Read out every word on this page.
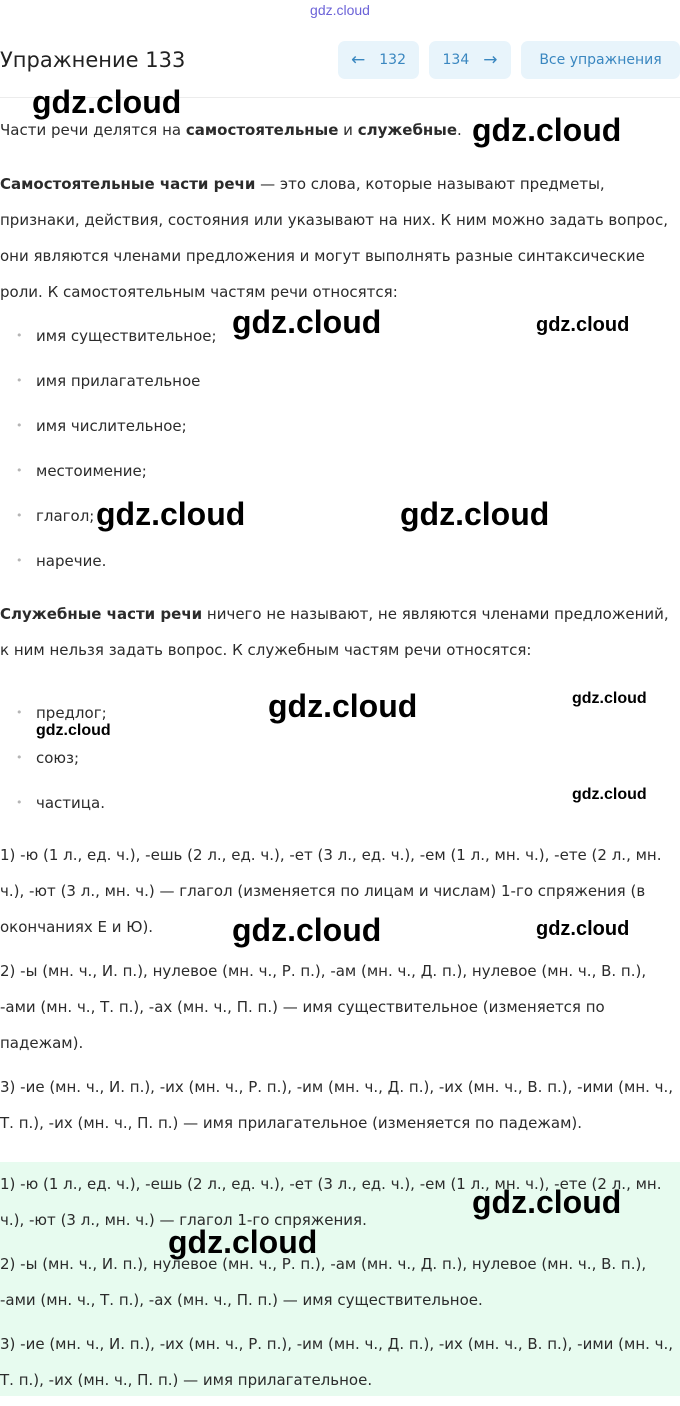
gdz.cloud
Упражнение 133	← 132	134 →	Все упражнения

Части речи делятся на самостоятельные и служебные.

Самостоятельные части речи — это слова, которые называют предметы, признаки, действия, состояния или указывают на них. К ним можно задать вопрос, они являются членами предложения и могут выполнять разные синтаксические роли. К самостоятельным частям речи относятся:

• имя существительное;
• имя прилагательное
• имя числительное;
• местоимение;
• глагол;
• наречие.

Служебные части речи ничего не называют, не являются членами предложений, к ним нельзя задать вопрос. К служебным частям речи относятся:

• предлог;
• союз;
• частица.

1) -ю (1 л., ед. ч.), -ешь (2 л., ед. ч.), -ет (3 л., ед. ч.), -ем (1 л., мн. ч.), -ете (2 л., мн. ч.), -ют (3 л., мн. ч.) — глагол (изменяется по лицам и числам) 1-го спряжения (в окончаниях Е и Ю).

2) -ы (мн. ч., И. п.), нулевое (мн. ч., Р. п.), -ам (мн. ч., Д. п.), нулевое (мн. ч., В. п.), -ами (мн. ч., Т. п.), -ах (мн. ч., П. п.) — имя существительное (изменяется по падежам).

3) -ие (мн. ч., И. п.), -их (мн. ч., Р. п.), -им (мн. ч., Д. п.), -их (мн. ч., В. п.), -ими (мн. ч., Т. п.), -их (мн. ч., П. п.) — имя прилагательное (изменяется по падежам).

1) -ю (1 л., ед. ч.), -ешь (2 л., ед. ч.), -ет (3 л., ед. ч.), -ем (1 л., мн. ч.), -ете (2 л., мн. ч.), -ют (3 л., мн. ч.) — глагол 1-го спряжения.

2) -ы (мн. ч., И. п.), нулевое (мн. ч., Р. п.), -ам (мн. ч., Д. п.), нулевое (мн. ч., В. п.), -ами (мн. ч., Т. п.), -ах (мн. ч., П. п.) — имя существительное.

3) -ие (мн. ч., И. п.), -их (мн. ч., Р. п.), -им (мн. ч., Д. п.), -их (мн. ч., В. п.), -ими (мн. ч., Т. п.), -их (мн. ч., П. п.) — имя прилагательное.

gdz.cloud
gdz.cloud
gdz.cloud	gdz.cloud
gdz.cloud	gdz.cloud
gdz.cloud	gdz.cloud
gdz.cloud
gdz.cloud
gdz.cloud	gdz.cloud
gdz.cloud
gdz.cloud
